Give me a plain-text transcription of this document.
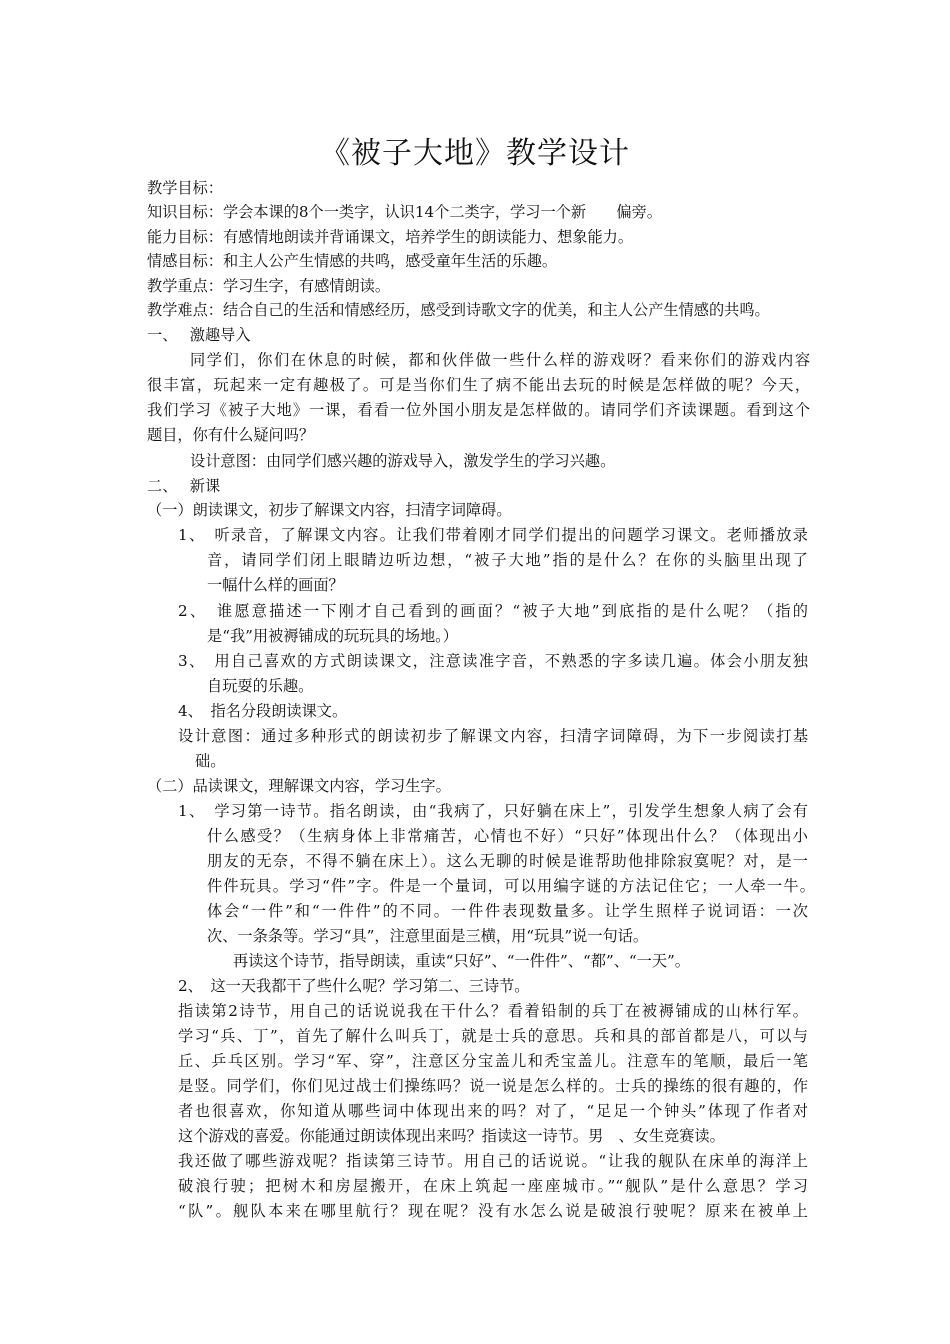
《被子大地》教学设计
教学目标：
知识目标：学会本课的8个一类字，认识14个二类字，学习一个新　　偏旁。
能力目标：有感情地朗读并背诵课文，培养学生的朗读能力、想象能力。
情感目标：和主人公产生情感的共鸣，感受童年生活的乐趣。
教学重点：学习生字，有感情朗读。
教学难点：结合自己的生活和情感经历，感受到诗歌文字的优美，和主人公产生情感的共鸣。
一、　 激趣导入
同学们，你们在休息的时候，都和伙伴做一些什么样的游戏呀？看来你们的游戏内容
很丰富，玩起来一定有趣极了。可是当你们生了病不能出去玩的时候是怎样做的呢？今天，
我们学习《被子大地》一课，看看一位外国小朋友是怎样做的。请同学们齐读课题。看到这个
题目，你有什么疑问吗？
设计意图：由同学们感兴趣的游戏导入，激发学生的学习兴趣。
二、　 新课
（一）朗读课文，初步了解课文内容，扫清字词障碍。
1、　听录音，了解课文内容。让我们带着刚才同学们提出的问题学习课文。老师播放录
音，请同学们闭上眼睛边听边想，“被子大地”指的是什么？在你的头脑里出现了
一幅什么样的画面？
2、　谁愿意描述一下刚才自己看到的画面？“被子大地”到底指的是什么呢？（指的
是“我”用被褥铺成的玩玩具的场地。）
3、　用自己喜欢的方式朗读课文，注意读准字音，不熟悉的字多读几遍。体会小朋友独
自玩耍的乐趣。
4、　指名分段朗读课文。
设计意图：通过多种形式的朗读初步了解课文内容，扫清字词障碍，为下一步阅读打基
础。
（二）品读课文，理解课文内容，学习生字。
1、　学习第一诗节。指名朗读，由“我病了，只好躺在床上”，引发学生想象人病了会有
什么感受？（生病身体上非常痛苦，心情也不好）“只好”体现出什么？（体现出小
朋友的无奈，不得不躺在床上）。这么无聊的时候是谁帮助他排除寂寞呢？对，是一
件件玩具。学习“件”字。件是一个量词，可以用编字谜的方法记住它；一人牵一牛。
体会“一件”和“一件件”的不同。一件件表现数量多。让学生照样子说词语：一次
次、一条条等。学习“具”，注意里面是三横，用“玩具”说一句话。
再读这个诗节，指导朗读，重读“只好”、“一件件”、“都”、“一天”。
2、　这一天我都干了些什么呢？学习第二、三诗节。
指读第2诗节，用自己的话说说我在干什么？看着铅制的兵丁在被褥铺成的山林行军。
学习“兵、丁”，首先了解什么叫兵丁，就是士兵的意思。兵和具的部首都是八，可以与
丘、乒乓区别。学习“军、穿”，注意区分宝盖儿和秃宝盖儿。注意车的笔顺，最后一笔
是竖。同学们，你们见过战士们操练吗？说一说是怎么样的。士兵的操练的很有趣的，作
者也很喜欢，你知道从哪些词中体现出来的吗？对了，“足足一个钟头”体现了作者对
这个游戏的喜爱。你能通过朗读体现出来吗？指读这一诗节。男　、女生竞赛读。
我还做了哪些游戏呢？指读第三诗节。用自己的话说说。“让我的舰队在床单的海洋上
破浪行驶；把树木和房屋搬开，在床上筑起一座座城市。”“舰队”是什么意思？学习
“队”。舰队本来在哪里航行？现在呢？没有水怎么说是破浪行驶呢？原来在被单上
